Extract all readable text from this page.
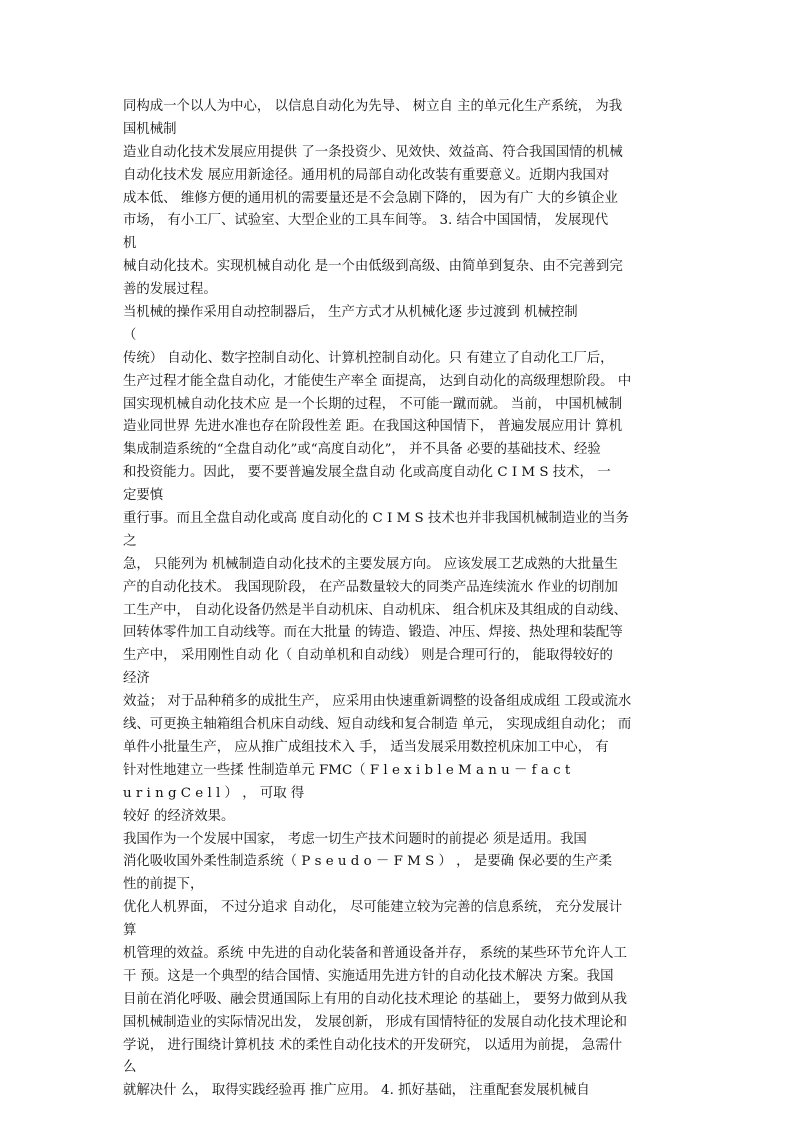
同构成一个以人为中心， 以信息自动化为先导、 树立自 主的单元化生产系统， 为我
国机械制
造业自动化技术发展应用提供 了一条投资少、见效快、效益高、符合我国国情的机械
自动化技术发 展应用新途径。通用机的局部自动化改装有重要意义。近期内我国对
成本低、 维修方便的通用机的需要量还是不会急剧下降的， 因为有广 大的乡镇企业
市场， 有小工厂、试验室、大型企业的工具车间等。 3. 结合中国国情， 发展现代
机
械自动化技术。实现机械自动化 是一个由低级到高级、由简单到复杂、由不完善到完
善的发展过程。
当机械的操作采用自动控制器后， 生产方式才从机械化逐 步过渡到 机械控制
（
传统） 自动化、数字控制自动化、计算机控制自动化。只 有建立了自动化工厂后，
生产过程才能全盘自动化，才能使生产率全 面提高， 达到自动化的高级理想阶段。 中
国实现机械自动化技术应 是一个长期的过程， 不可能一蹴而就。 当前， 中国机械制
造业同世界 先进水准也存在阶段性差 距。在我国这种国情下， 普遍发展应用计 算机
集成制造系统的“全盘自动化”或“高度自动化”， 并不具备 必要的基础技术、经验
和投资能力。因此， 要不要普遍发展全盘自动 化或高度自动化 C I M S 技术， 一
定要慎
重行事。而且全盘自动化或高 度自动化的 C I M S 技术也并非我国机械制造业的当务
之
急， 只能列为 机械制造自动化技术的主要发展方向。 应该发展工艺成熟的大批量生
产的自动化技术。 我国现阶段， 在产品数量较大的同类产品连续流水 作业的切削加
工生产中， 自动化设备仍然是半自动机床、自动机床、 组合机床及其组成的自动线、
回转体零件加工自动线等。而在大批量 的铸造、锻造、冲压、焊接、热处理和装配等
生产中， 采用刚性自动 化（ 自动单机和自动线） 则是合理可行的， 能取得较好的
经济
效益； 对于品种稍多的成批生产， 应采用由快速重新调整的设备组成成组 工段或流水
线、可更换主轴箱组合机床自动线、短自动线和复合制造 单元， 实现成组自动化； 而
单件小批量生产， 应从推广成组技术入 手， 适当发展采用数控机床加工中心， 有
针对性地建立一些揉 性制造单元 FMC（ F l e x i b l e M a n u － f a c t
u r i n g C e l l ） ， 可取 得
较好 的经济效果。
我国作为一个发展中国家， 考虑一切生产技术问题时的前提必 须是适用。我国
消化吸收国外柔性制造系统（ P s e u d o － F M S ） ， 是要确 保必要的生产柔
性的前提下，
优化人机界面， 不过分追求 自动化， 尽可能建立较为完善的信息系统， 充分发展计
算
机管理的效益。系统 中先进的自动化装备和普通设备并存， 系统的某些环节允许人工
干 预。这是一个典型的结合国情、实施适用先进方针的自动化技术解决 方案。我国
目前在消化呼吸、融会贯通国际上有用的自动化技术理论 的基础上， 要努力做到从我
国机械制造业的实际情况出发， 发展创新， 形成有国情特征的发展自动化技术理论和
学说， 进行围绕计算机技 术的柔性自动化技术的开发研究， 以适用为前提， 急需什
么
就解决什 么， 取得实践经验再 推广应用。 4. 抓好基础， 注重配套发展机械自
